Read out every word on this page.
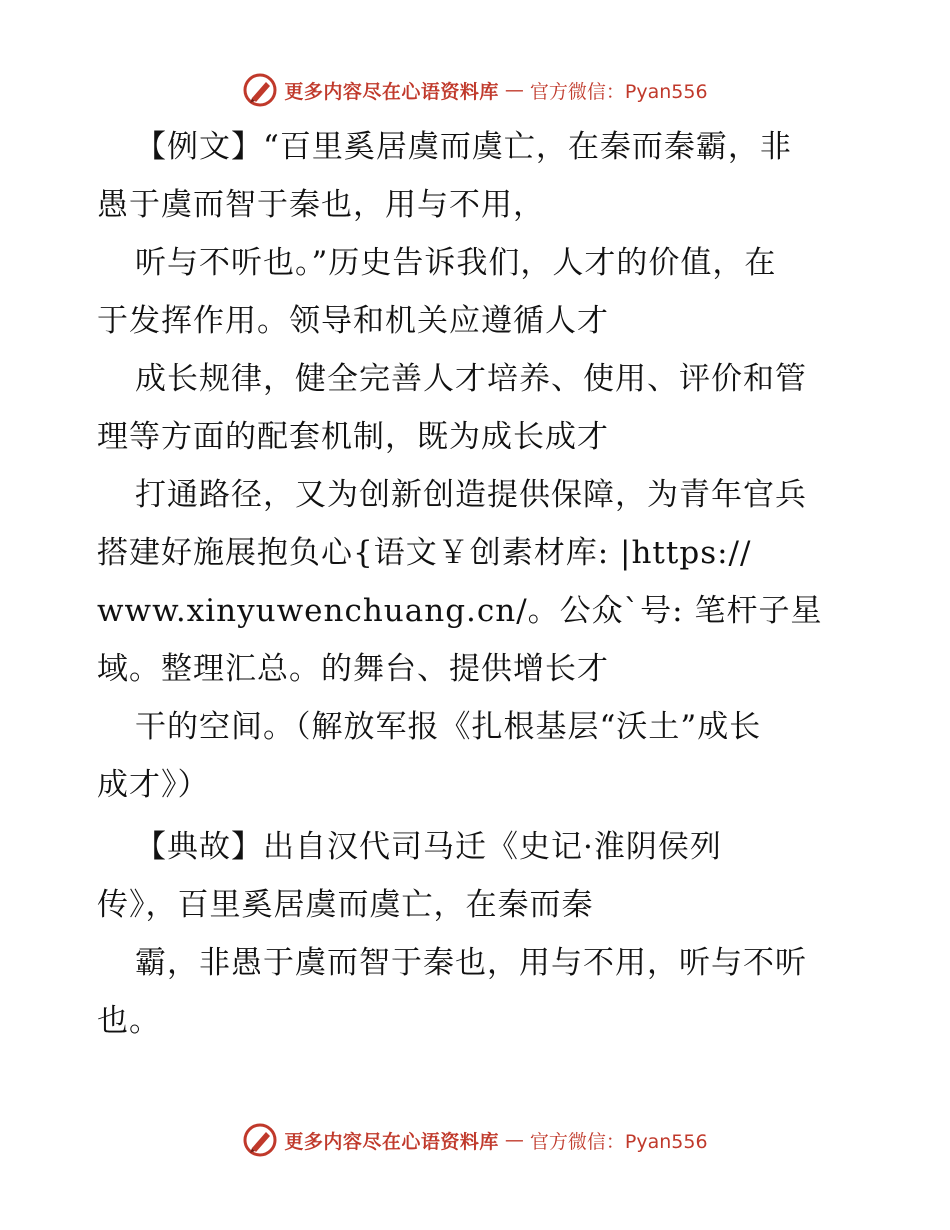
更多内容尽在心语资料库 — 官方微信：Pyan556
【例文】“百里奚居虞而虞亡，在秦而秦霸，非
愚于虞而智于秦也，用与不用，
听与不听也。”历史告诉我们，人才的价值，在
于发挥作用。领导和机关应遵循人才
成长规律，健全完善人才培养、使用、评价和管
理等方面的配套机制，既为成长成才
打通路径，又为创新创造提供保障，为青年官兵
搭建好施展抱负心{语文￥创素材库: |https://
www.xinyuwenchuang.cn/。公众`号: 笔杆子星
域。整理汇总。的舞台、提供增长才
干的空间。（解放军报《扎根基层“沃土”成长
成才》）
【典故】出自汉代司马迁《史记·淮阴侯列
传》，百里奚居虞而虞亡，在秦而秦
霸，非愚于虞而智于秦也，用与不用，听与不听
也。
更多内容尽在心语资料库 — 官方微信：Pyan556
